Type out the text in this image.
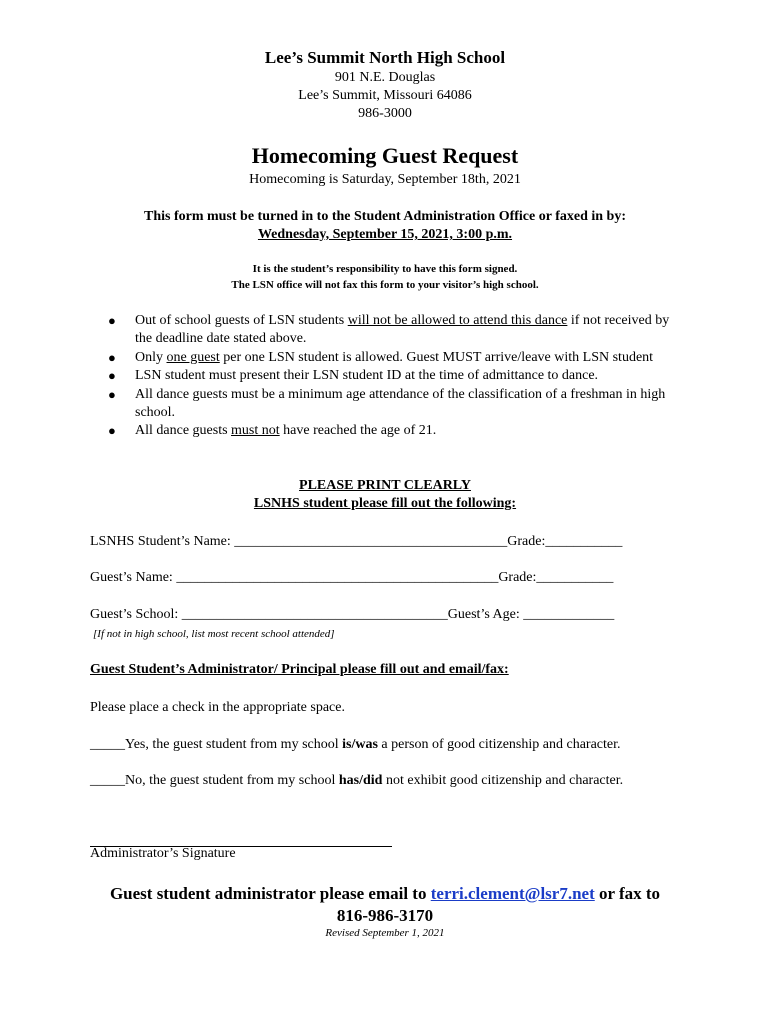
Lee’s Summit North High School
901 N.E. Douglas
Lee’s Summit, Missouri 64086
986-3000
Homecoming Guest Request
Homecoming is Saturday, September 18th, 2021
This form must be turned in to the Student Administration Office or faxed in by:
Wednesday, September 15, 2021, 3:00 p.m.
It is the student’s responsibility to have this form signed.
The LSN office will not fax this form to your visitor’s high school.
● Out of school guests of LSN students will not be allowed to attend this dance if not received by the deadline date stated above.
● Only one guest per one LSN student is allowed. Guest MUST arrive/leave with LSN student
● LSN student must present their LSN student ID at the time of admittance to dance.
● All dance guests must be a minimum age attendance of the classification of a freshman in high school.
● All dance guests must not have reached the age of 21.
PLEASE PRINT CLEARLY
LSNHS student please fill out the following:
LSNHS Student’s Name: _______________________________________Grade:___________
Guest’s Name: ______________________________________________Grade:___________
Guest’s School: ______________________________________Guest’s Age: _____________
[If not in high school, list most recent school attended]
Guest Student’s Administrator/ Principal please fill out and email/fax:
Please place a check in the appropriate space.
_____Yes, the guest student from my school is/was a person of good citizenship and character.
_____No, the guest student from my school has/did not exhibit good citizenship and character.
Administrator’s Signature
Guest student administrator please email to terri.clement@lsr7.net or fax to
816-986-3170
Revised September 1, 2021
